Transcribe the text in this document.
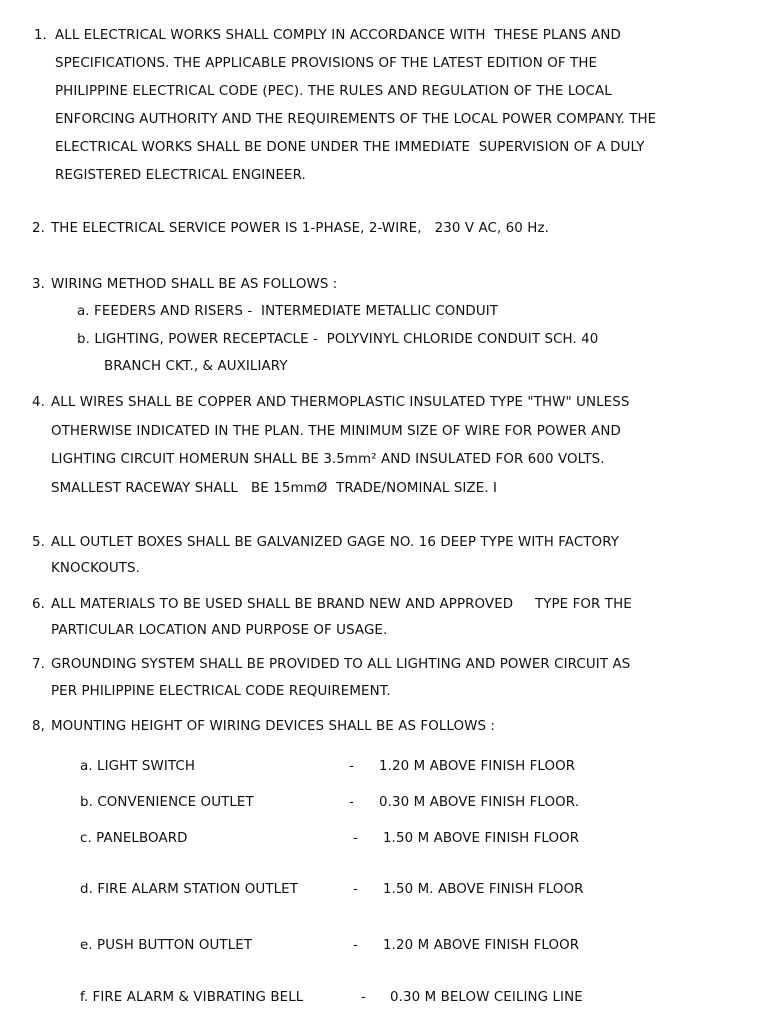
1. ALL ELECTRICAL WORKS SHALL COMPLY IN ACCORDANCE WITH  THESE PLANS AND
SPECIFICATIONS. THE APPLICABLE PROVISIONS OF THE LATEST EDITION OF THE
PHILIPPINE ELECTRICAL CODE (PEC). THE RULES AND REGULATION OF THE LOCAL
ENFORCING AUTHORITY AND THE REQUIREMENTS OF THE LOCAL POWER COMPANY. THE
ELECTRICAL WORKS SHALL BE DONE UNDER THE IMMEDIATE  SUPERVISION OF A DULY
REGISTERED ELECTRICAL ENGINEER.
2. THE ELECTRICAL SERVICE POWER IS 1-PHASE, 2-WIRE,   230 V AC, 60 Hz.
3. WIRING METHOD SHALL BE AS FOLLOWS :
a. FEEDERS AND RISERS -  INTERMEDIATE METALLIC CONDUIT
b. LIGHTING, POWER RECEPTACLE -  POLYVINYL CHLORIDE CONDUIT SCH. 40
BRANCH CKT., & AUXILIARY
4. ALL WIRES SHALL BE COPPER AND THERMOPLASTIC INSULATED TYPE "THW" UNLESS
OTHERWISE INDICATED IN THE PLAN. THE MINIMUM SIZE OF WIRE FOR POWER AND
LIGHTING CIRCUIT HOMERUN SHALL BE 3.5mm² AND INSULATED FOR 600 VOLTS.
SMALLEST RACEWAY SHALL   BE 15mmØ  TRADE/NOMINAL SIZE. I
5. ALL OUTLET BOXES SHALL BE GALVANIZED GAGE NO. 16 DEEP TYPE WITH FACTORY
KNOCKOUTS.
6. ALL MATERIALS TO BE USED SHALL BE BRAND NEW AND APPROVED     TYPE FOR THE
PARTICULAR LOCATION AND PURPOSE OF USAGE.
7. GROUNDING SYSTEM SHALL BE PROVIDED TO ALL LIGHTING AND POWER CIRCUIT AS
PER PHILIPPINE ELECTRICAL CODE REQUIREMENT.
8, MOUNTING HEIGHT OF WIRING DEVICES SHALL BE AS FOLLOWS :
a. LIGHT SWITCH	- 1.20 M ABOVE FINISH FLOOR
b. CONVENIENCE OUTLET	- 0.30 M ABOVE FINISH FLOOR.
c. PANELBOARD	- 1.50 M ABOVE FINISH FLOOR
d. FIRE ALARM STATION OUTLET	- 1.50 M. ABOVE FINISH FLOOR
e. PUSH BUTTON OUTLET	- 1.20 M ABOVE FINISH FLOOR
f. FIRE ALARM & VIBRATING BELL	- 0.30 M BELOW CEILING LINE
